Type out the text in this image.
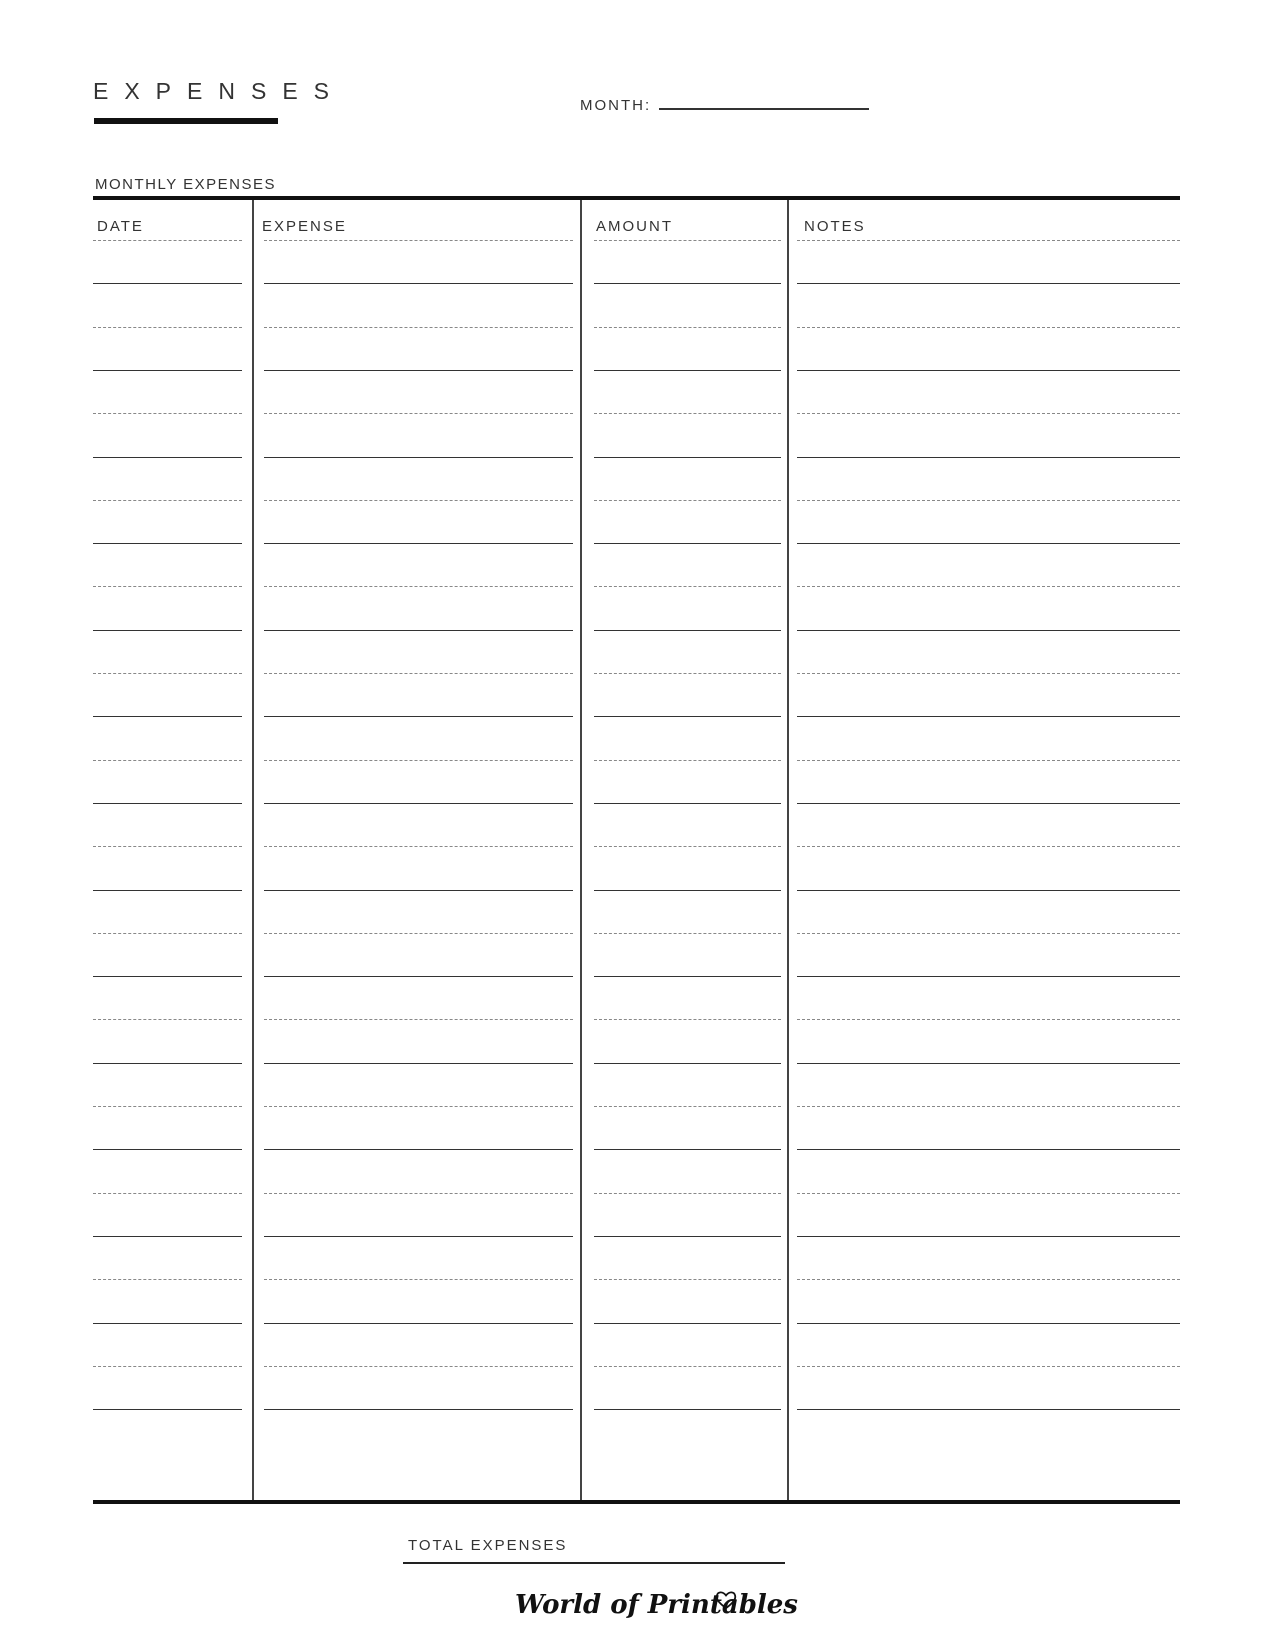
EXPENSES
MONTH:
MONTHLY EXPENSES
DATE	EXPENSE	AMOUNT	NOTES
TOTAL EXPENSES
World of Printables
